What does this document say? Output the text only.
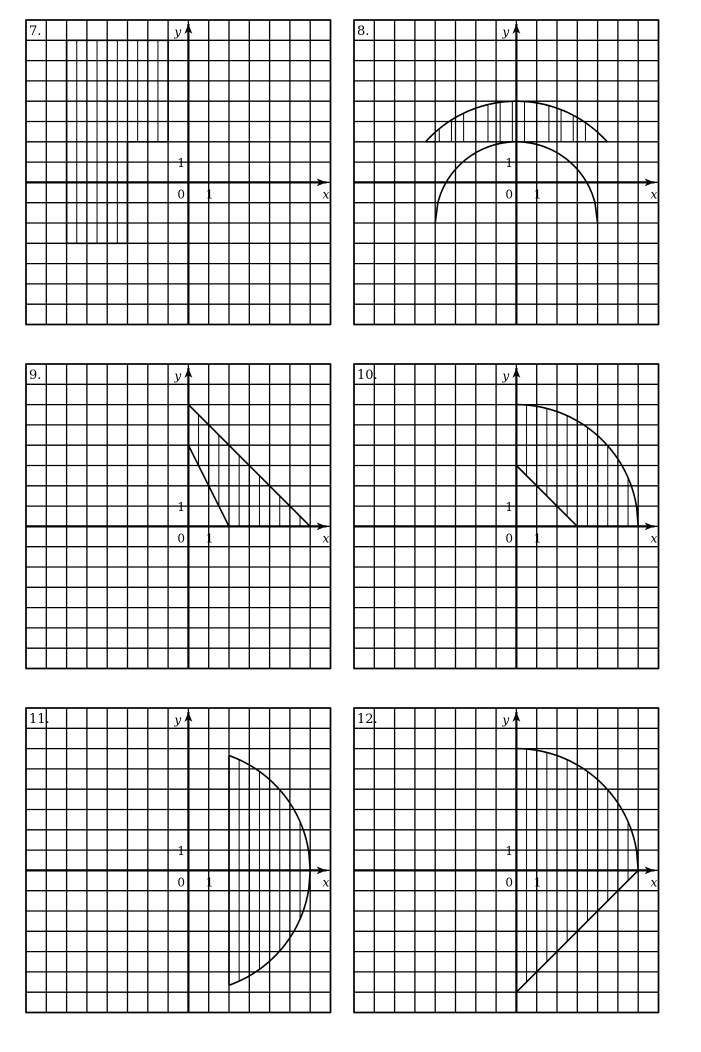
7.	y
x
0 1
1
8.	y
x
0 1
1
9.	y
x
0 1
1
10.	y
x
0 1
1
11.	y
x
0 1
1
12.	y
x
0 1
1
